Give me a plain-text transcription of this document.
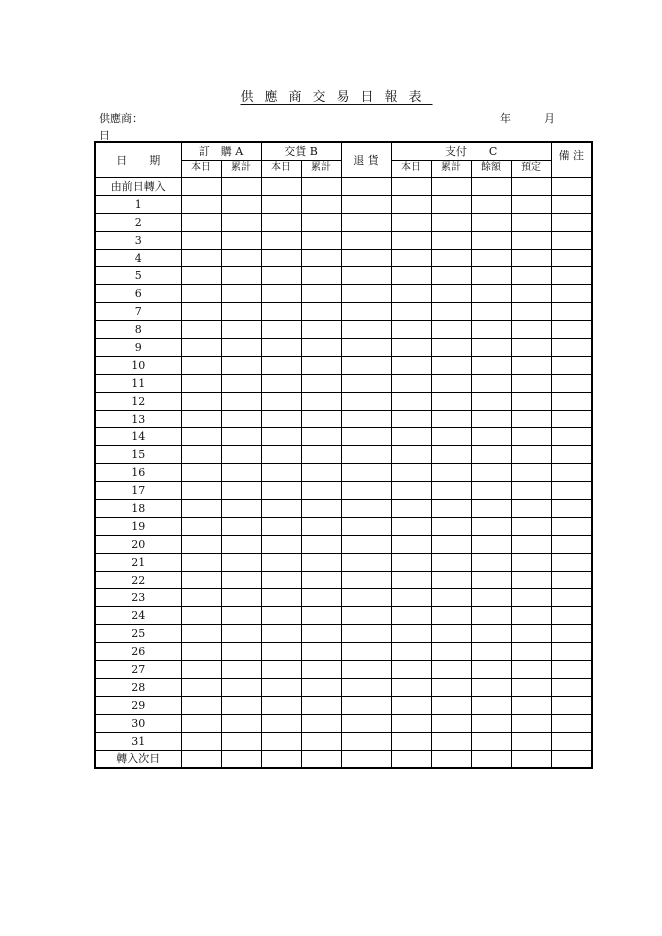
供應商交易日報表
供應商：	年	月
日
日　　期	訂　購 A		交貨 B		退 貨	支付　　C				備 注

	本日	累計	本日	累計		本日	累計	餘額	預定	
由前日轉入										
1										
2										
3										
4										
5										
6										
7										
8										
9										
10										
11										
12										
13										
14										
15										
16										
17										
18										
19										
20										
21										
22										
23										
24										
25										
26										
27										
28										
29										
30										
31										
轉入次日										
